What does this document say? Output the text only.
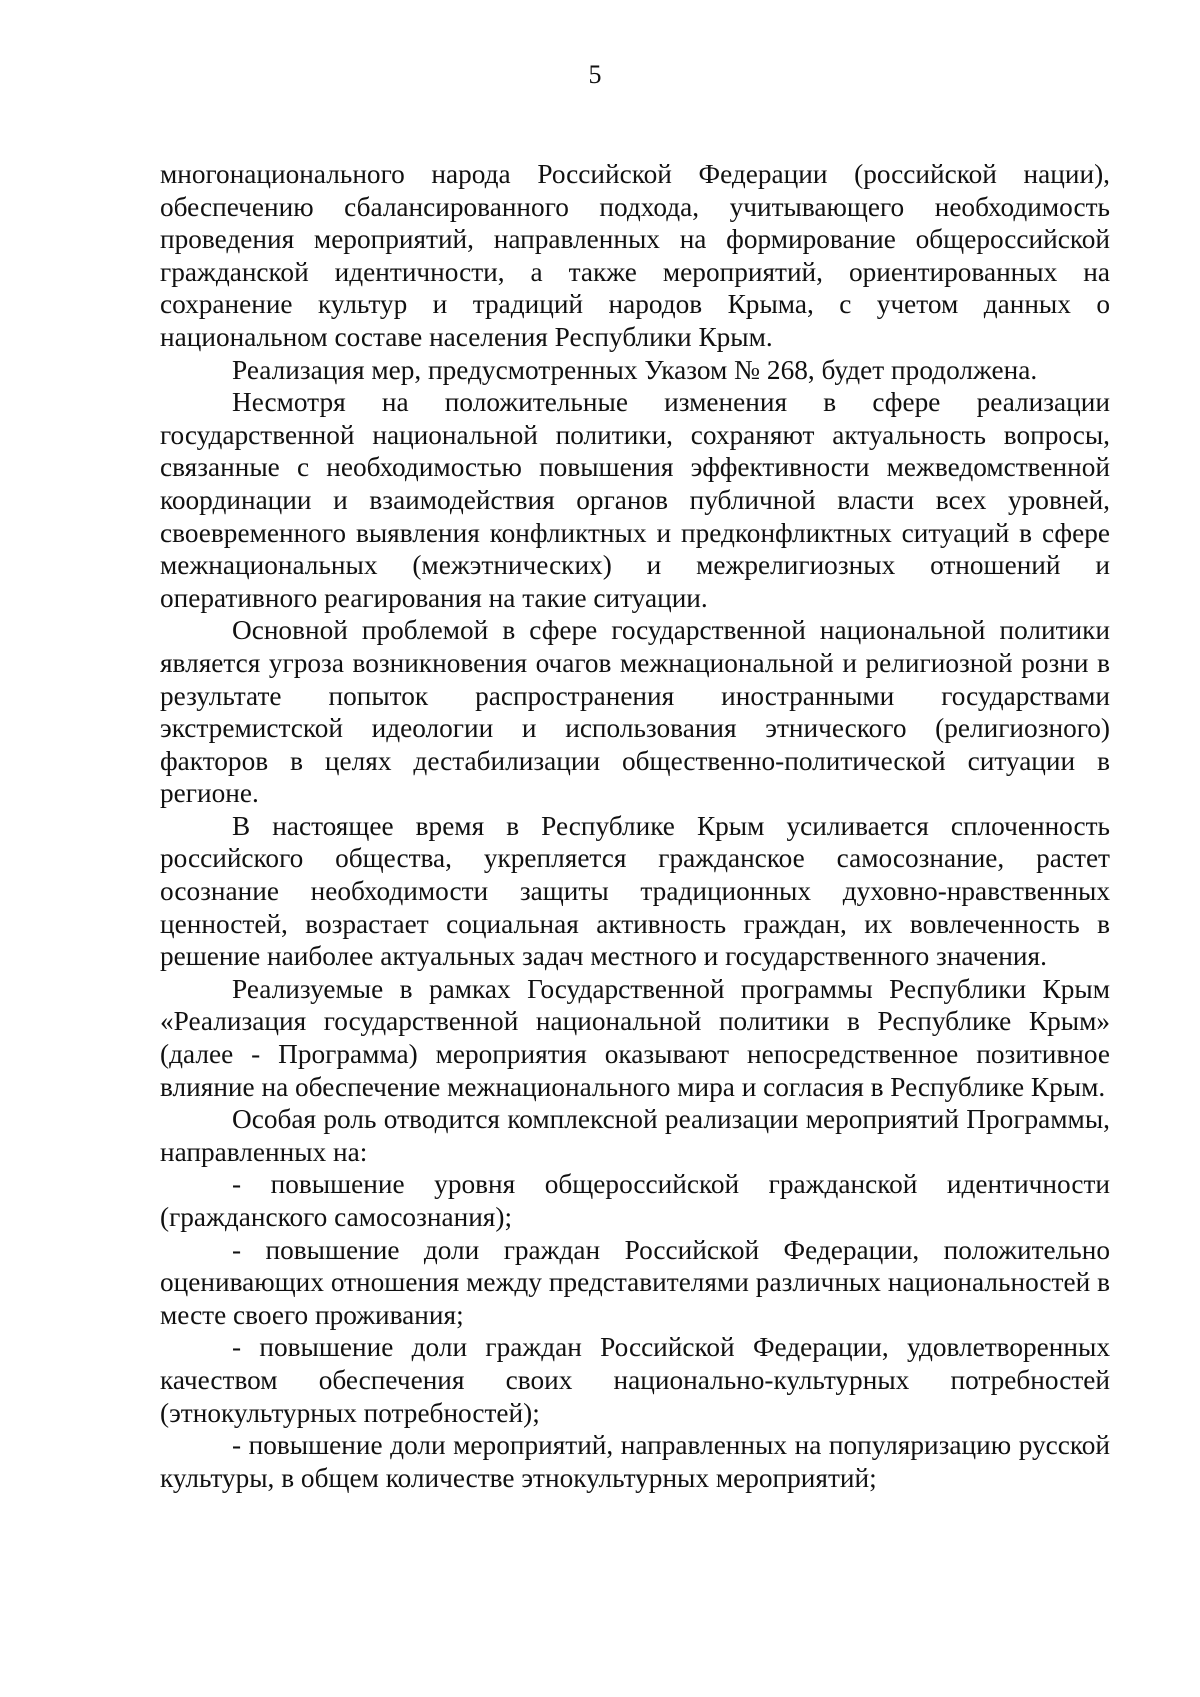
5

многонационального народа Российской Федерации (российской нации), обеспечению сбалансированного подхода, учитывающего необходимость проведения мероприятий, направленных на формирование общероссийской гражданской идентичности, а также мероприятий, ориентированных на сохранение культур и традиций народов Крыма, с учетом данных о национальном составе населения Республики Крым.

Реализация мер, предусмотренных Указом № 268, будет продолжена.

Несмотря на положительные изменения в сфере реализации государственной национальной политики, сохраняют актуальность вопросы, связанные с необходимостью повышения эффективности межведомственной координации и взаимодействия органов публичной власти всех уровней, своевременного выявления конфликтных и предконфликтных ситуаций в сфере межнациональных (межэтнических) и межрелигиозных отношений и оперативного реагирования на такие ситуации.

Основной проблемой в сфере государственной национальной политики является угроза возникновения очагов межнациональной и религиозной розни в результате попыток распространения иностранными государствами экстремистской идеологии и использования этнического (религиозного) факторов в целях дестабилизации общественно-политической ситуации в регионе.

В настоящее время в Республике Крым усиливается сплоченность российского общества, укрепляется гражданское самосознание, растет осознание необходимости защиты традиционных духовно-нравственных ценностей, возрастает социальная активность граждан, их вовлеченность в решение наиболее актуальных задач местного и государственного значения.

Реализуемые в рамках Государственной программы Республики Крым «Реализация государственной национальной политики в Республике Крым» (далее - Программа) мероприятия оказывают непосредственное позитивное влияние на обеспечение межнационального мира и согласия в Республике Крым.

Особая роль отводится комплексной реализации мероприятий Программы, направленных на:

- повышение уровня общероссийской гражданской идентичности (гражданского самосознания);

- повышение доли граждан Российской Федерации, положительно оценивающих отношения между представителями различных национальностей в месте своего проживания;

- повышение доли граждан Российской Федерации, удовлетворенных качеством обеспечения своих национально-культурных потребностей (этнокультурных потребностей);

- повышение доли мероприятий, направленных на популяризацию русской культуры, в общем количестве этнокультурных мероприятий;
